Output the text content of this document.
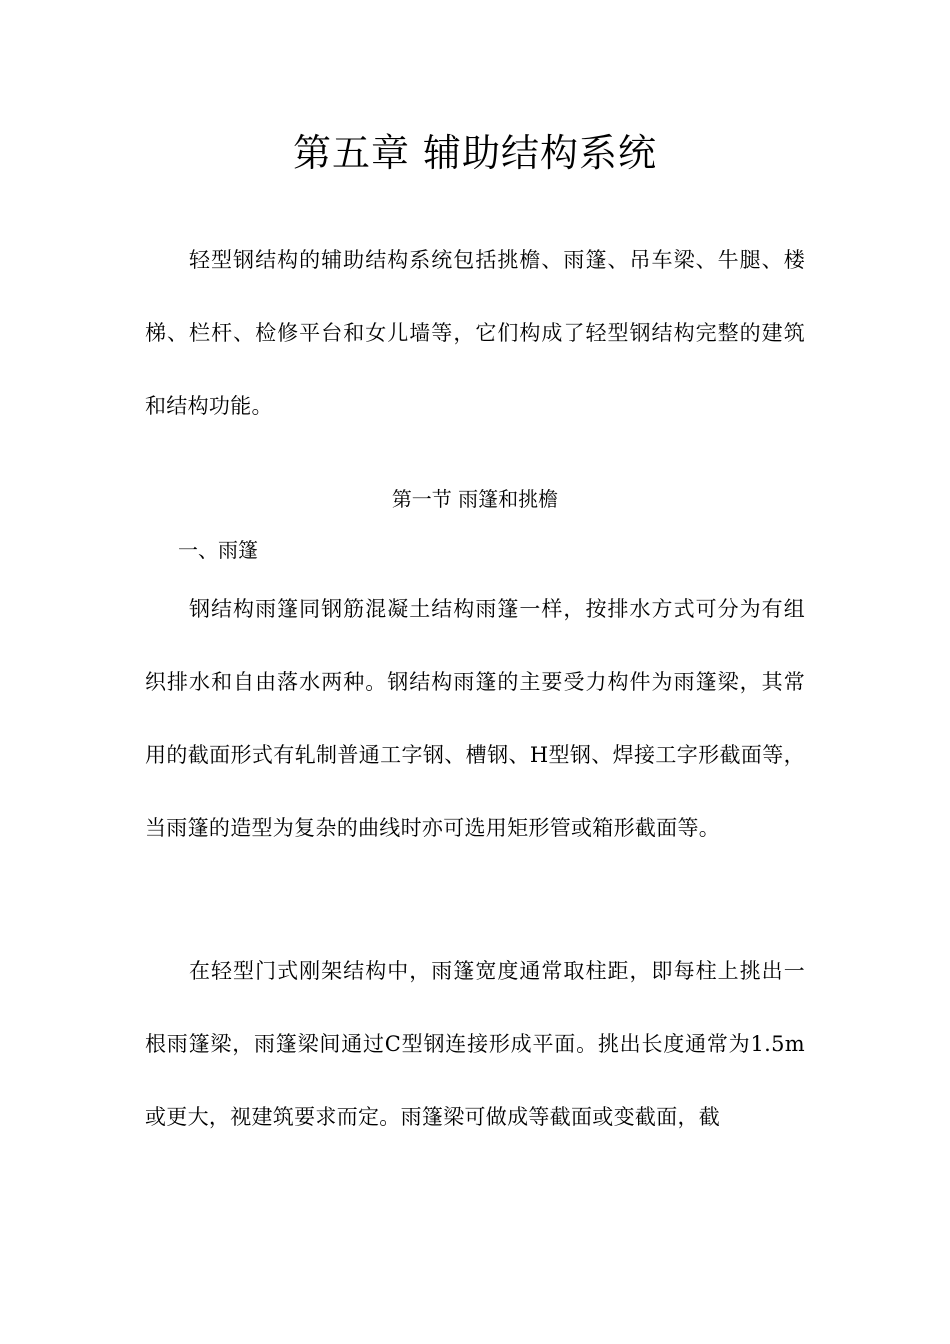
第五章 辅助结构系统

轻型钢结构的辅助结构系统包括挑檐、雨篷、吊车梁、牛腿、楼梯、栏杆、检修平台和女儿墙等，它们构成了轻型钢结构完整的建筑和结构功能。

第一节 雨篷和挑檐
一、雨篷

钢结构雨篷同钢筋混凝土结构雨篷一样，按排水方式可分为有组织排水和自由落水两种。钢结构雨篷的主要受力构件为雨篷梁，其常用的截面形式有轧制普通工字钢、槽钢、H型钢、焊接工字形截面等，当雨篷的造型为复杂的曲线时亦可选用矩形管或箱形截面等。

在轻型门式刚架结构中，雨篷宽度通常取柱距，即每柱上挑出一根雨篷梁，雨篷梁间通过C型钢连接形成平面。挑出长度通常为1.5m或更大，视建筑要求而定。雨篷梁可做成等截面或变截面，截
